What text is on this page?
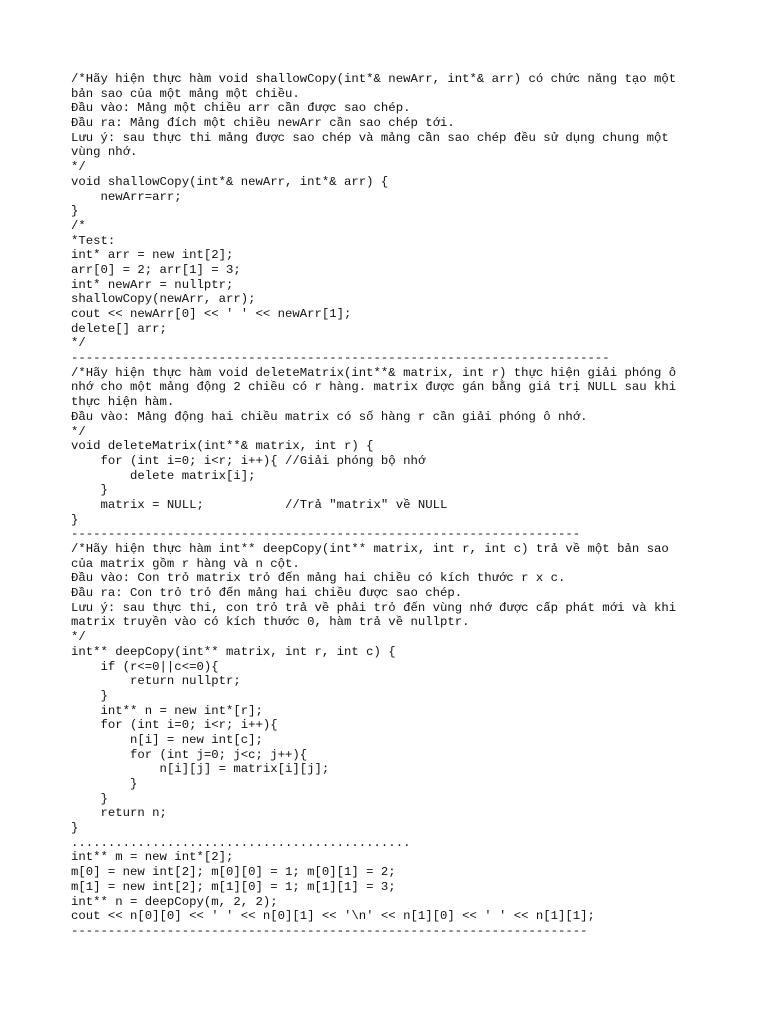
/*Hãy hiện thực hàm void shallowCopy(int*& newArr, int*& arr) có chức năng tạo một
bản sao của một mảng một chiều.
Đầu vào: Mảng một chiều arr cần được sao chép.
Đầu ra: Mảng đích một chiều newArr cần sao chép tới.
Lưu ý: sau thực thi mảng được sao chép và mảng cần sao chép đều sử dụng chung một
vùng nhớ.
*/
void shallowCopy(int*& newArr, int*& arr) {
newArr=arr;
}
/*
*Test:
int* arr = new int[2];
arr[0] = 2; arr[1] = 3;
int* newArr = nullptr;
shallowCopy(newArr, arr);
cout << newArr[0] << ' ' << newArr[1];
delete[] arr;
*/
-------------------------------------------------------------------------
/*Hãy hiện thực hàm void deleteMatrix(int**& matrix, int r) thực hiện giải phóng ô
nhớ cho một mảng động 2 chiều có r hàng. matrix được gán bằng giá trị NULL sau khi
thực hiện hàm.
Đầu vào: Mảng động hai chiều matrix có số hàng r cần giải phóng ô nhớ.
*/
void deleteMatrix(int**& matrix, int r) {
for (int i=0; i<r; i++){ //Giải phóng bộ nhớ
delete matrix[i];
}
matrix = NULL;           //Trả "matrix" về NULL
}
---------------------------------------------------------------------
/*Hãy hiện thực hàm int** deepCopy(int** matrix, int r, int c) trả về một bản sao
của matrix gồm r hàng và n cột.
Đầu vào: Con trỏ matrix trỏ đến mảng hai chiều có kích thước r x c.
Đầu ra: Con trỏ trỏ đến mảng hai chiều được sao chép.
Lưu ý: sau thực thi, con trỏ trả về phải trỏ đến vùng nhớ được cấp phát mới và khi
matrix truyền vào có kích thước 0, hàm trả về nullptr.
*/
int** deepCopy(int** matrix, int r, int c) {
if (r<=0||c<=0){
return nullptr;
}
int** n = new int*[r];
for (int i=0; i<r; i++){
n[i] = new int[c];
for (int j=0; j<c; j++){
n[i][j] = matrix[i][j];
}
}
return n;
}
..............................................
int** m = new int*[2];
m[0] = new int[2]; m[0][0] = 1; m[0][1] = 2;
m[1] = new int[2]; m[1][0] = 1; m[1][1] = 3;
int** n = deepCopy(m, 2, 2);
cout << n[0][0] << ' ' << n[0][1] << '\n' << n[1][0] << ' ' << n[1][1];
----------------------------------------------------------------------
